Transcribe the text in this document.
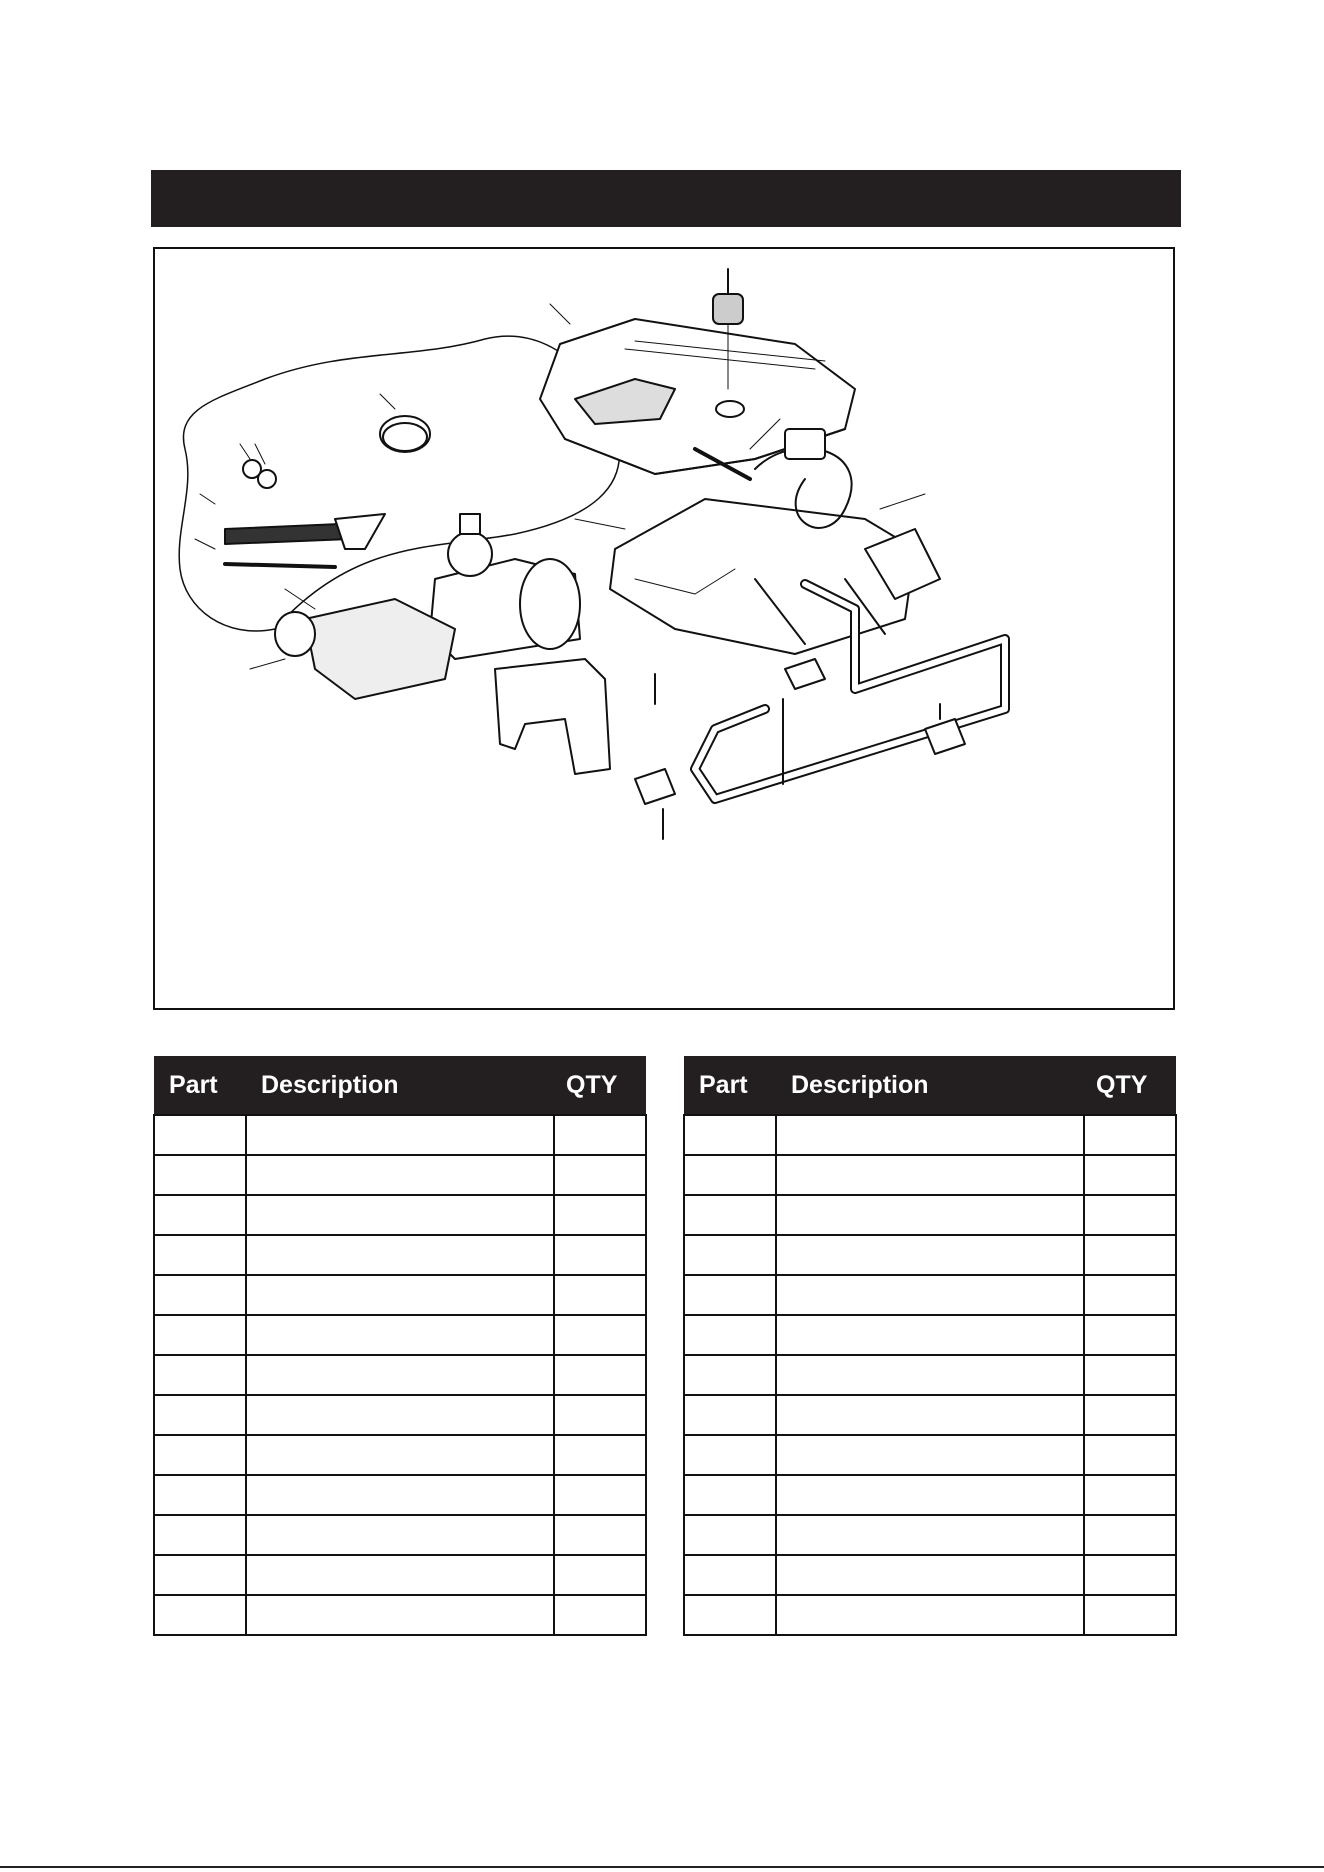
Part	Description	QTY

			Part	Description	QTY
